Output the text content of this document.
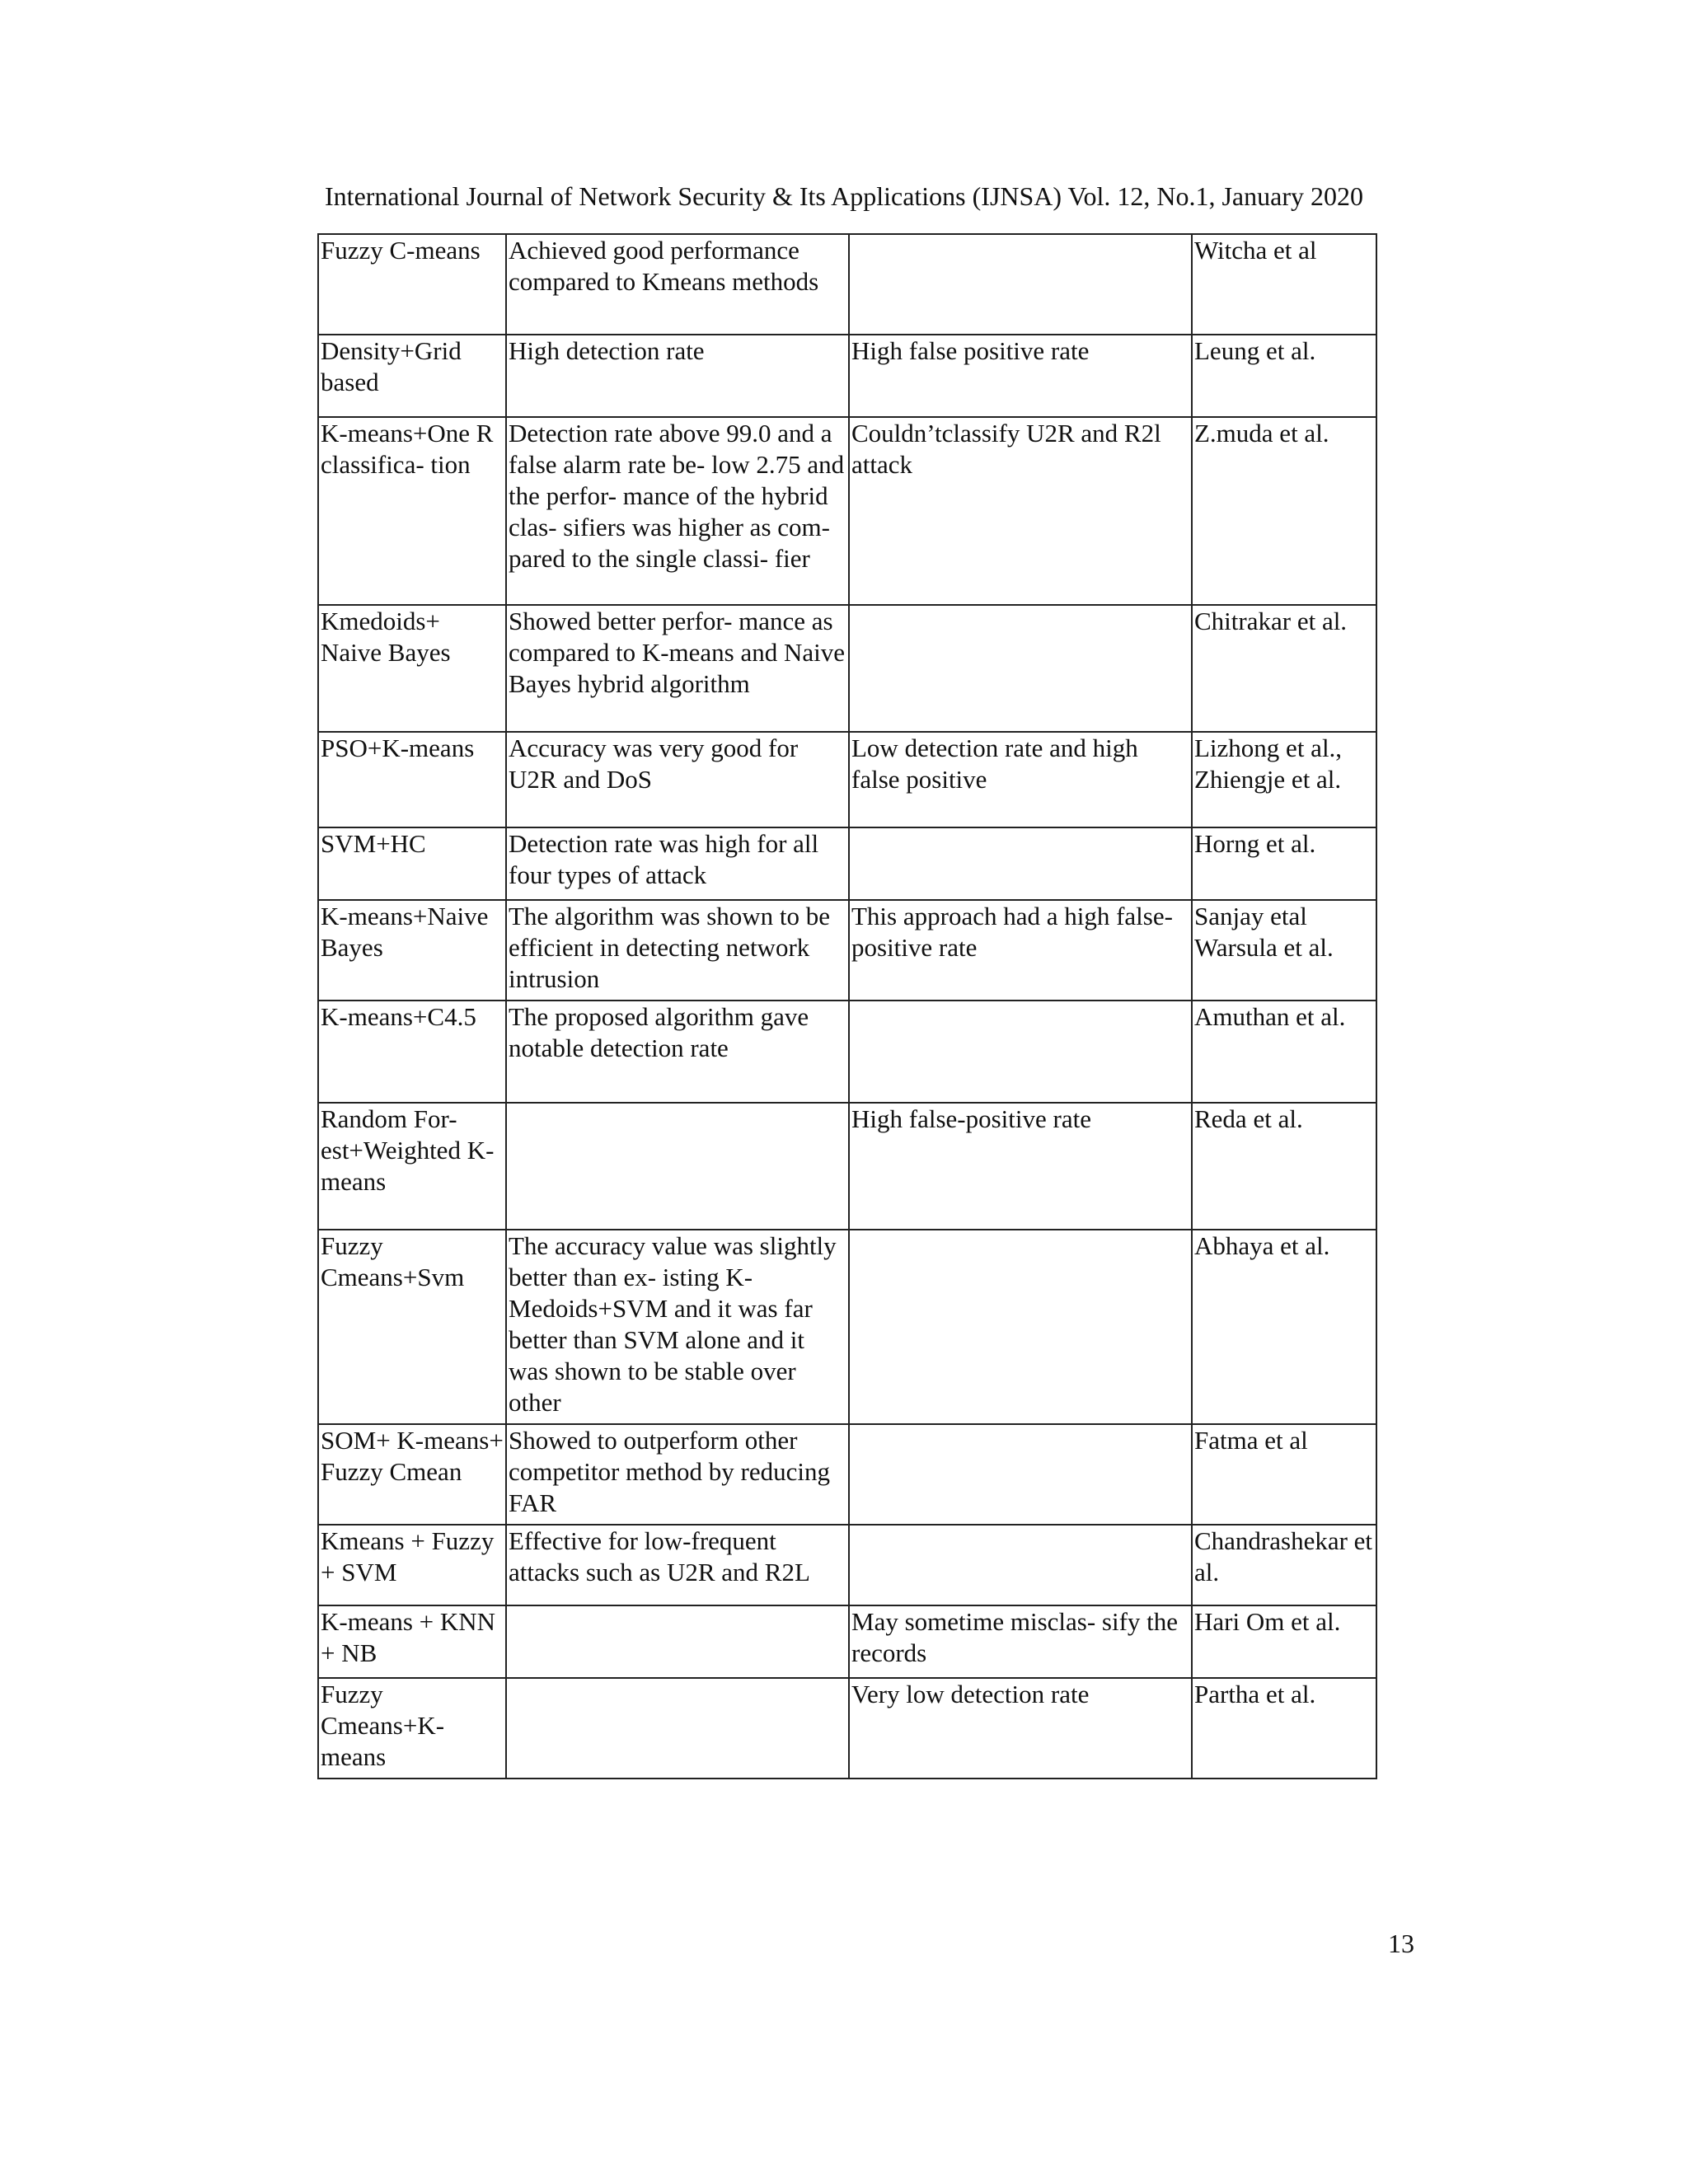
International Journal of Network Security & Its Applications (IJNSA) Vol. 12, No.1, January 2020
Fuzzy C-means	Achieved good performance compared to Kmeans methods		Witcha et al
Density+Grid based	High detection rate	High false positive rate	Leung et al.
K-means+One R classifica- tion	Detection rate above 99.0 and a false alarm rate be- low 2.75 and the perfor- mance of the hybrid clas- sifiers was higher as com- pared to the single classi- fier	Couldn’tclassify U2R and R2l attack	Z.muda et al.
Kmedoids+ Naive Bayes	Showed better perfor- mance as compared to K-means and Naive Bayes hybrid algorithm		Chitrakar et al.
PSO+K-means	Accuracy was very good for U2R and DoS	Low detection rate and high false positive	Lizhong et al., Zhiengje et al.
SVM+HC	Detection rate was high for all four types of attack		Horng et al.
K-means+Naive Bayes	The algorithm was shown to be efficient in detecting network intrusion	This approach had a high false-positive rate	Sanjay etal Warsula et al.
K-means+C4.5	The proposed algorithm gave notable detection rate		Amuthan et al.
Random For- est+Weighted K-means		High false-positive rate	Reda et al.
Fuzzy Cmeans+Svm	The accuracy value was slightly better than ex- isting K-Medoids+SVM and it was far better than SVM alone and it was shown to be stable over other		Abhaya et al.
SOM+ K-means+ Fuzzy Cmean	Showed to outperform other competitor method by reducing FAR		Fatma et al
Kmeans + Fuzzy + SVM	Effective for low-frequent attacks such as U2R and R2L		Chandrashekar et al.
K-means + KNN + NB		May sometime misclas- sify the records	Hari Om et al.
Fuzzy Cmeans+K-means		Very low detection rate	Partha et al.
13
